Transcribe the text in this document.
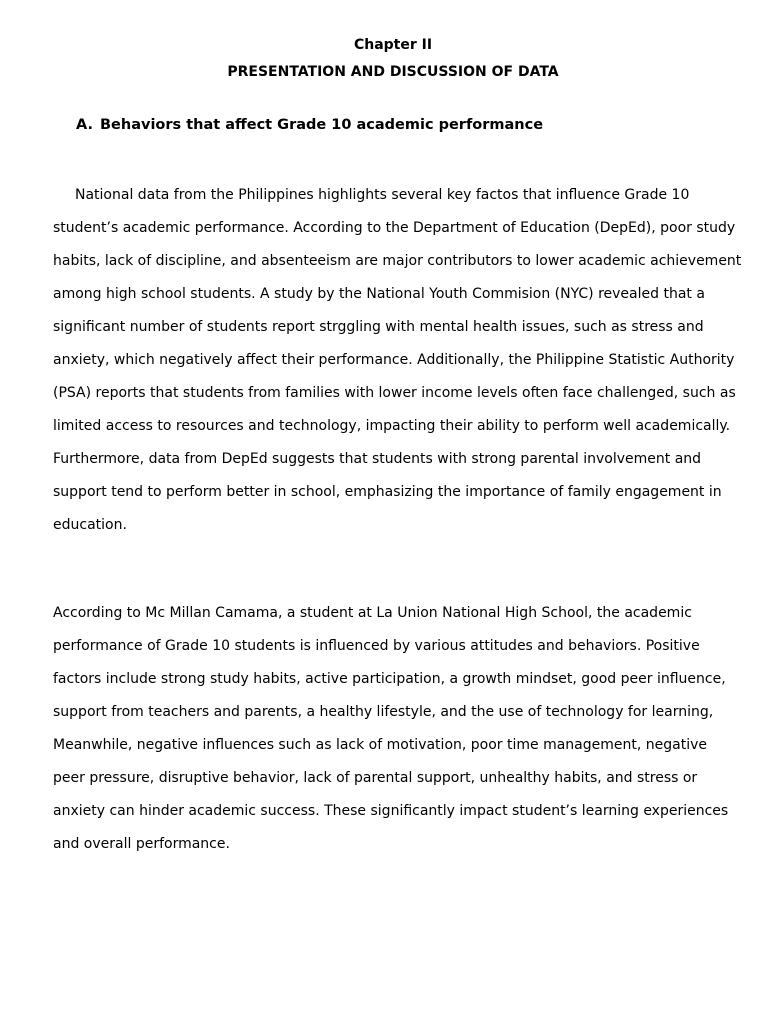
Chapter II
PRESENTATION AND DISCUSSION OF DATA
A. Behaviors that affect Grade 10 academic performance

National data from the Philippines highlights several key factos that influence Grade 10
student’s academic performance. According to the Department of Education (DepEd), poor study
habits, lack of discipline, and absenteeism are major contributors to lower academic achievement
among high school students. A study by the National Youth Commision (NYC) revealed that a
significant number of students report strggling with mental health issues, such as stress and
anxiety, which negatively affect their performance. Additionally, the Philippine Statistic Authority
(PSA) reports that students from families with lower income levels often face challenged, such as
limited access to resources and technology, impacting their ability to perform well academically.
Furthermore, data from DepEd suggests that students with strong parental involvement and
support tend to perform better in school, emphasizing the importance of family engagement in
education.

According to Mc Millan Camama, a student at La Union National High School, the academic
performance of Grade 10 students is influenced by various attitudes and behaviors. Positive
factors include strong study habits, active participation, a growth mindset, good peer influence,
support from teachers and parents, a healthy lifestyle, and the use of technology for learning,
Meanwhile, negative influences such as lack of motivation, poor time management, negative
peer pressure, disruptive behavior, lack of parental support, unhealthy habits, and stress or
anxiety can hinder academic success. These significantly impact student’s learning experiences
and overall performance.
